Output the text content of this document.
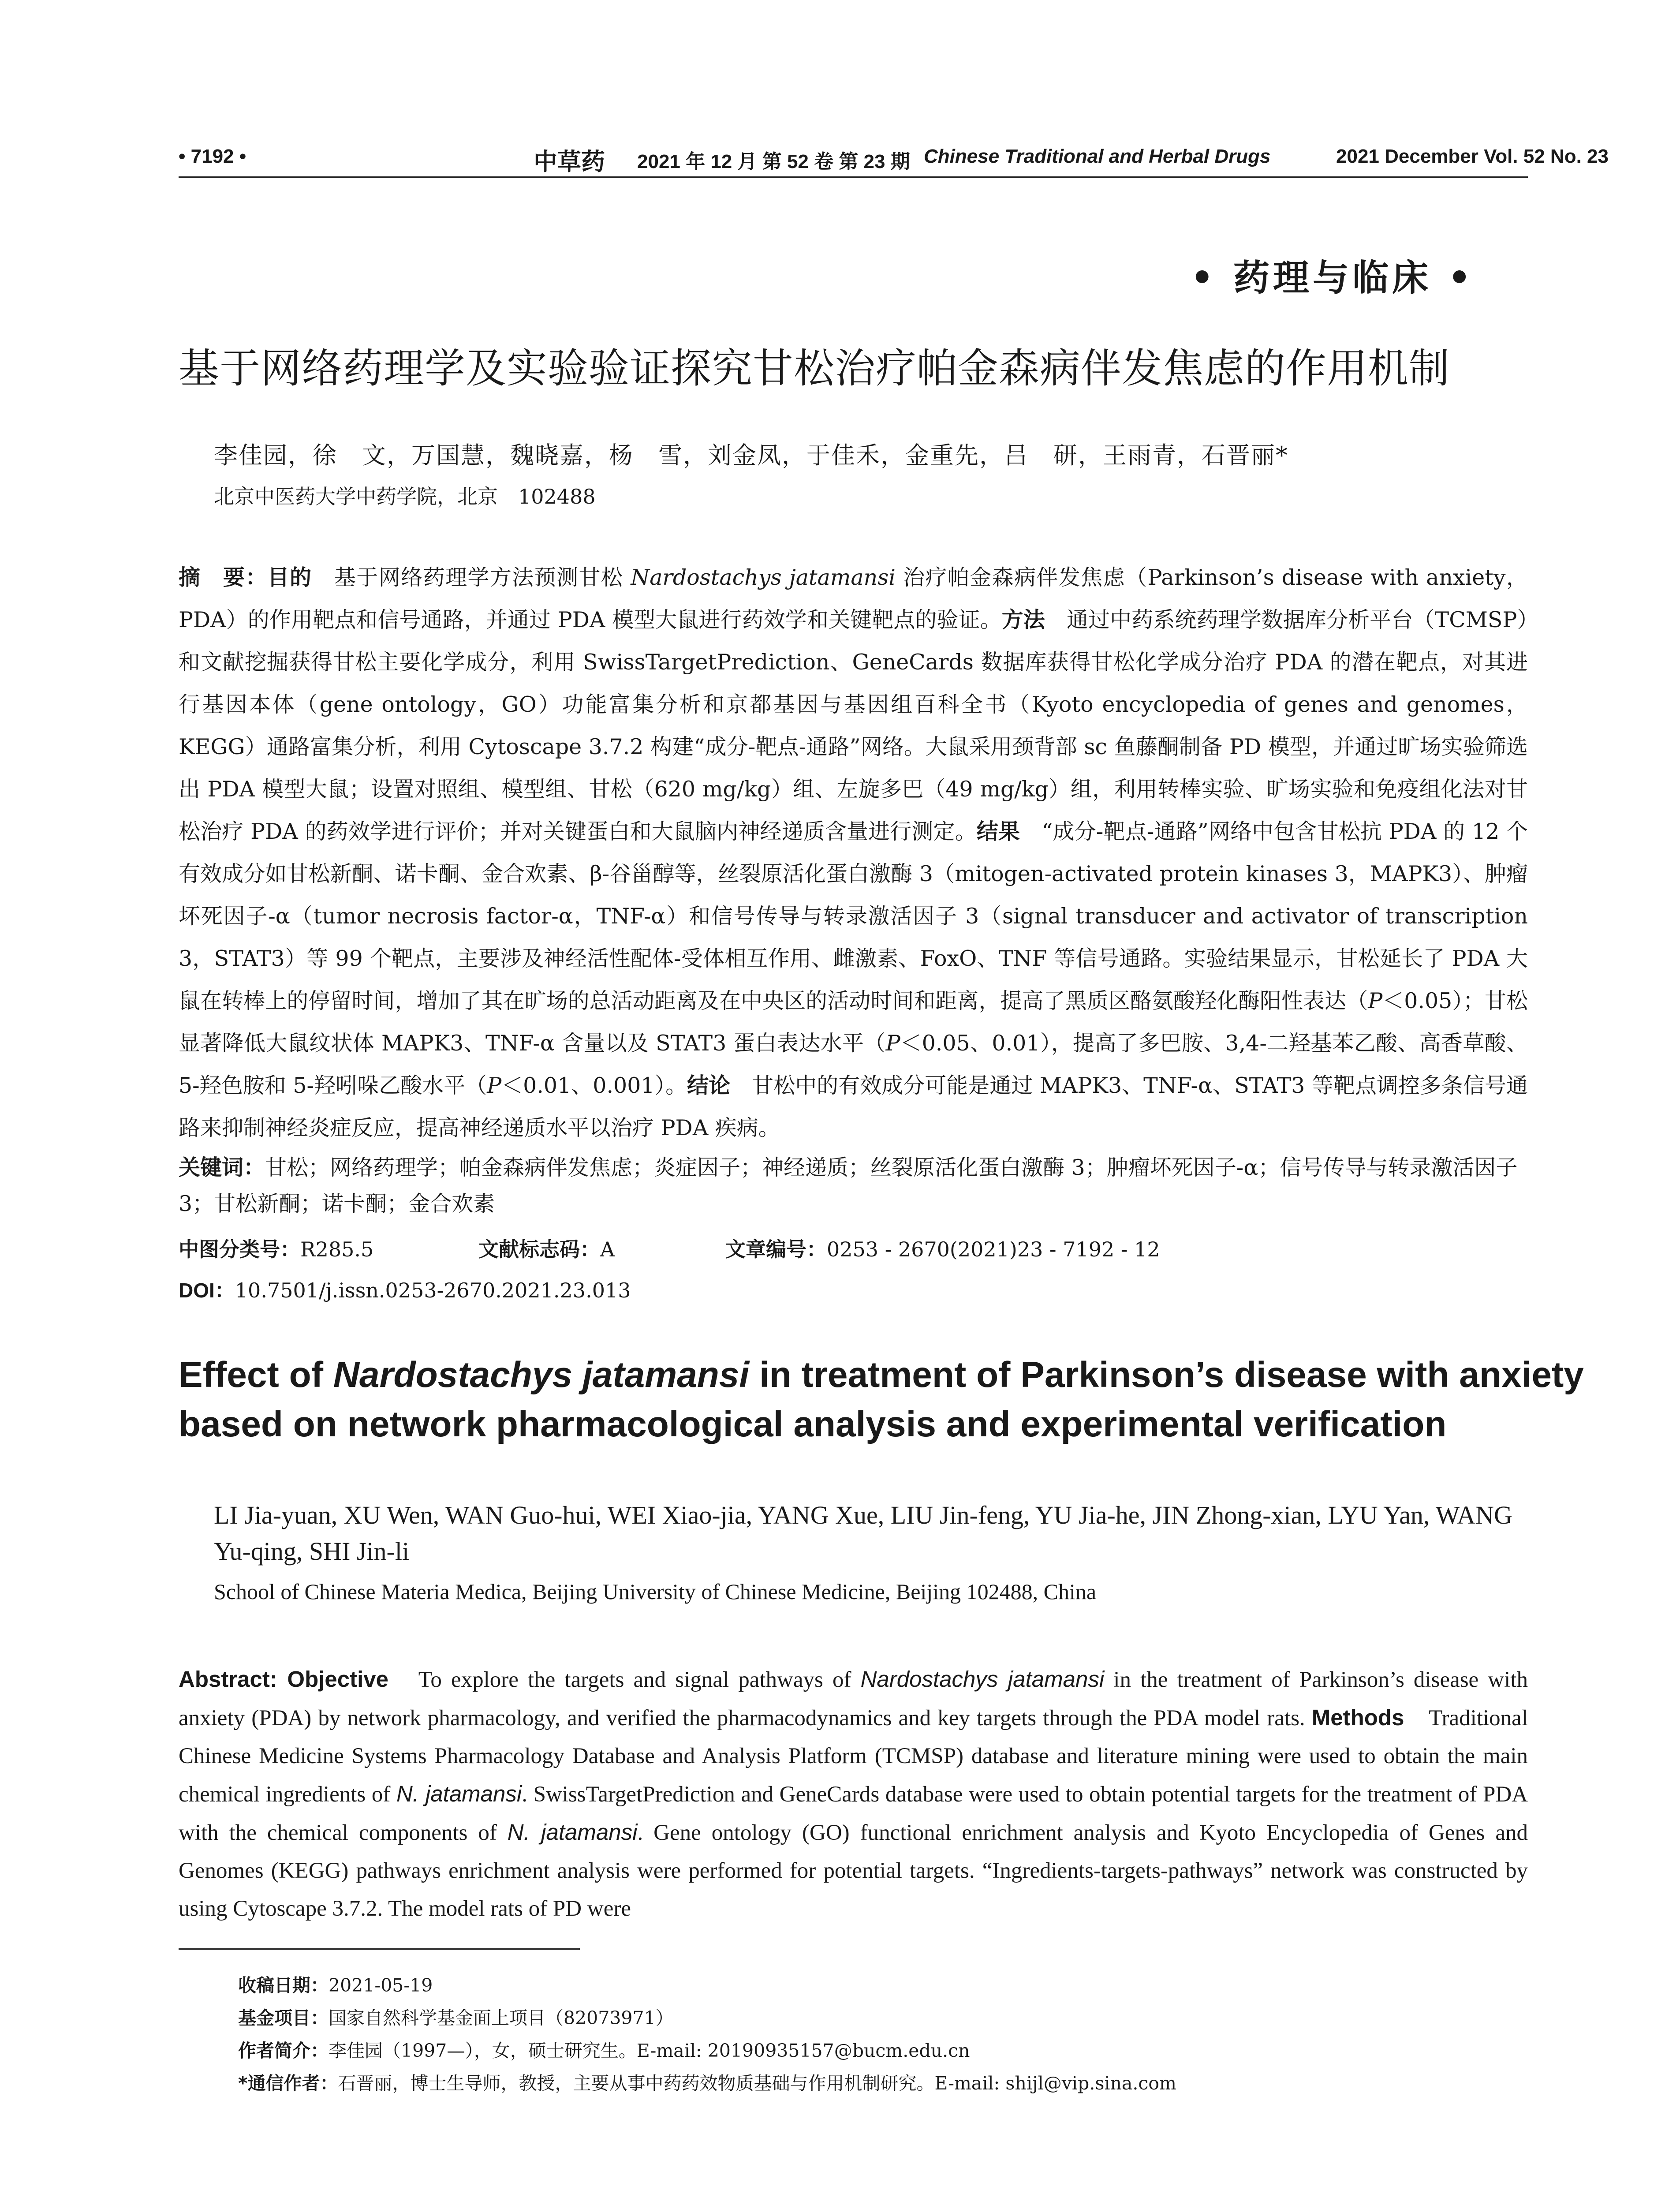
• 7192 •	中草药 2021 年 12 月 第 52 卷 第 23 期 Chinese Traditional and Herbal Drugs	2021 December Vol. 52 No. 23
• 药理与临床 •
基于网络药理学及实验验证探究甘松治疗帕金森病伴发焦虑的作用机制
李佳园，徐　文，万国慧，魏晓嘉，杨　雪，刘金凤，于佳禾，金重先，吕　研，王雨青，石晋丽*
北京中医药大学中药学院，北京　102488
摘　要：目的　基于网络药理学方法预测甘松 Nardostachys jatamansi 治疗帕金森病伴发焦虑（Parkinson’s disease with anxiety，PDA）的作用靶点和信号通路，并通过 PDA 模型大鼠进行药效学和关键靶点的验证。方法　通过中药系统药理学数据库分析平台（TCMSP）和文献挖掘获得甘松主要化学成分，利用 SwissTargetPrediction、GeneCards 数据库获得甘松化学成分治疗 PDA 的潜在靶点，对其进行基因本体（gene ontology，GO）功能富集分析和京都基因与基因组百科全书（Kyoto encyclopedia of genes and genomes，KEGG）通路富集分析，利用 Cytoscape 3.7.2 构建“成分-靶点-通路”网络。大鼠采用颈背部 sc 鱼藤酮制备 PD 模型，并通过旷场实验筛选出 PDA 模型大鼠；设置对照组、模型组、甘松（620 mg/kg）组、左旋多巴（49 mg/kg）组，利用转棒实验、旷场实验和免疫组化法对甘松治疗 PDA 的药效学进行评价；并对关键蛋白和大鼠脑内神经递质含量进行测定。结果　“成分-靶点-通路”网络中包含甘松抗 PDA 的 12 个有效成分如甘松新酮、诺卡酮、金合欢素、β-谷甾醇等，丝裂原活化蛋白激酶 3（mitogen-activated protein kinases 3，MAPK3）、肿瘤坏死因子-α（tumor necrosis factor-α，TNF-α）和信号传导与转录激活因子 3（signal transducer and activator of transcription 3，STAT3）等 99 个靶点，主要涉及神经活性配体-受体相互作用、雌激素、FoxO、TNF 等信号通路。实验结果显示，甘松延长了 PDA 大鼠在转棒上的停留时间，增加了其在旷场的总活动距离及在中央区的活动时间和距离，提高了黑质区酪氨酸羟化酶阳性表达（P＜0.05）；甘松显著降低大鼠纹状体 MAPK3、TNF-α 含量以及 STAT3 蛋白表达水平（P＜0.05、0.01），提高了多巴胺、3,4-二羟基苯乙酸、高香草酸、5-羟色胺和 5-羟吲哚乙酸水平（P＜0.01、0.001）。结论　甘松中的有效成分可能是通过 MAPK3、TNF-α、STAT3 等靶点调控多条信号通路来抑制神经炎症反应，提高神经递质水平以治疗 PDA 疾病。
关键词：甘松；网络药理学；帕金森病伴发焦虑；炎症因子；神经递质；丝裂原活化蛋白激酶 3；肿瘤坏死因子-α；信号传导与转录激活因子 3；甘松新酮；诺卡酮；金合欢素
中图分类号：R285.5	文献标志码：A	文章编号：0253 - 2670(2021)23 - 7192 - 12
DOI：10.7501/j.issn.0253-2670.2021.23.013
Effect of Nardostachys jatamansi in treatment of Parkinson’s disease with anxiety
based on network pharmacological analysis and experimental verification
LI Jia-yuan, XU Wen, WAN Guo-hui, WEI Xiao-jia, YANG Xue, LIU Jin-feng, YU Jia-he, JIN Zhong-xian, LYU Yan, WANG Yu-qing, SHI Jin-li
School of Chinese Materia Medica, Beijing University of Chinese Medicine, Beijing 102488, China
Abstract: Objective　To explore the targets and signal pathways of Nardostachys jatamansi in the treatment of Parkinson’s disease with anxiety (PDA) by network pharmacology, and verified the pharmacodynamics and key targets through the PDA model rats. Methods　Traditional Chinese Medicine Systems Pharmacology Database and Analysis Platform (TCMSP) database and literature mining were used to obtain the main chemical ingredients of N. jatamansi. SwissTargetPrediction and GeneCards database were used to obtain potential targets for the treatment of PDA with the chemical components of N. jatamansi. Gene ontology (GO) functional enrichment analysis and Kyoto Encyclopedia of Genes and Genomes (KEGG) pathways enrichment analysis were performed for potential targets. “Ingredients-targets-pathways” network was constructed by using Cytoscape 3.7.2. The model rats of PD were
收稿日期：2021-05-19
基金项目：国家自然科学基金面上项目（82073971）
作者简介：李佳园（1997—），女，硕士研究生。E-mail: 20190935157@bucm.edu.cn
*通信作者：石晋丽，博士生导师，教授，主要从事中药药效物质基础与作用机制研究。E-mail: shijl@vip.sina.com
